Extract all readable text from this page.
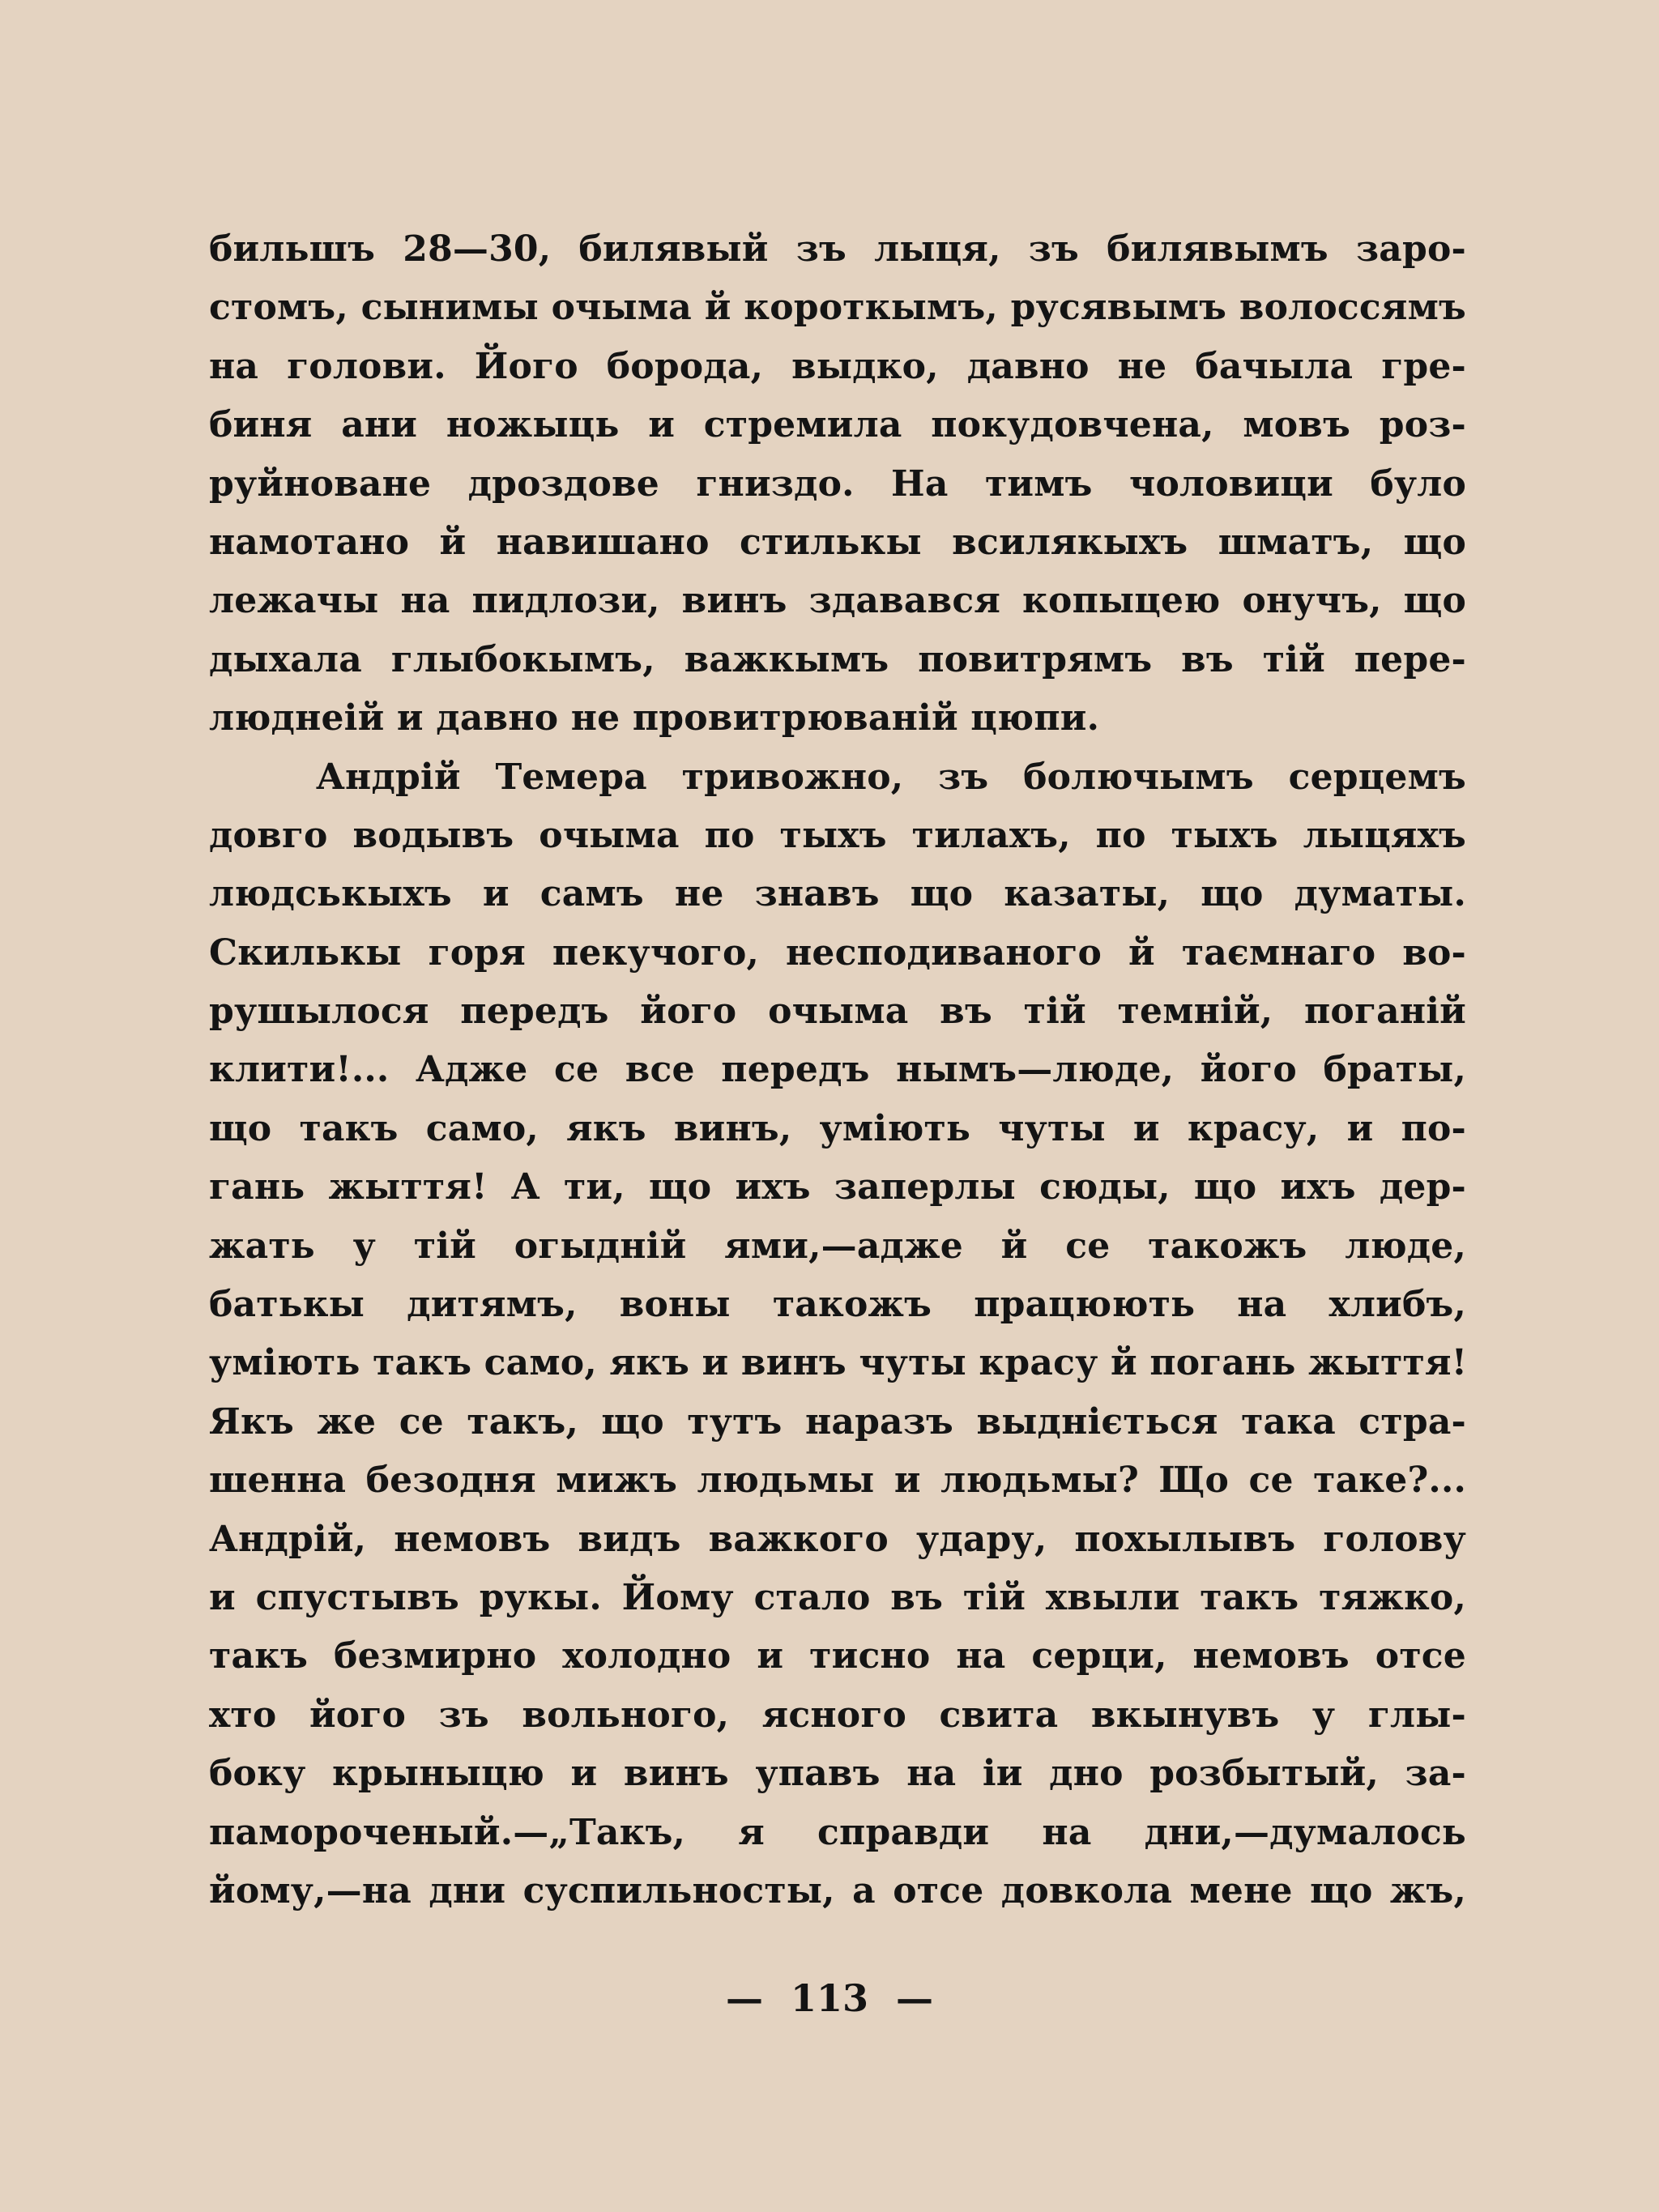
бильшъ 28—30, билявый зъ лыця, зъ билявымъ заро-
стомъ, сынимы очыма й короткымъ, русявымъ волоссямъ
на голови. Його борода, выдко, давно не бачыла гре-
биня ани ножыць и стремила покудовчена, мовъ роз-
руйноване дроздове гниздо. На тимъ чоловици було
намотано й навишано стилькы всилякыхъ шматъ, що
лежачы на пидлози, винъ здавався копыцею онучъ, що
дыхала глыбокымъ, важкымъ повитрямъ въ тій пере-
люднеій и давно не провитрюваній цюпи.
Андрій Темера тривожно, зъ болючымъ серцемъ
довго водывъ очыма по тыхъ тилахъ, по тыхъ лыцяхъ
людськыхъ и самъ не знавъ що казаты, що думаты.
Скилькы горя пекучого, несподиваного й таємнаго во-
рушылося передъ його очыма въ тій темній, поганій
клити!... Адже се все передъ нымъ—люде, його браты,
що такъ само, якъ винъ, уміють чуты и красу, и по-
гань жыття! А ти, що ихъ заперлы сюды, що ихъ дер-
жать у тій огыдній ями,—адже й се такожъ люде,
батькы дитямъ, воны такожъ працюють на хлибъ,
уміють такъ само, якъ и винъ чуты красу й погань жыття!
Якъ же се такъ, що тутъ наразъ выдніється така стра-
шенна безодня мижъ людьмы и людьмы? Що се таке?...
Андрій, немовъ видъ важкого удару, похылывъ голову
и спустывъ рукы. Йому стало въ тій хвыли такъ тяжко,
такъ безмирно холодно и тисно на серци, немовъ отсе
хто його зъ вольного, ясного свита вкынувъ у глы-
боку крыныцю и винъ упавъ на іи дно розбытый, за-
памороченый.—„Такъ, я справди на дни,—думалось
йому,—на дни суспильносты, а отсе довкола мене що жъ,
— 113 —
